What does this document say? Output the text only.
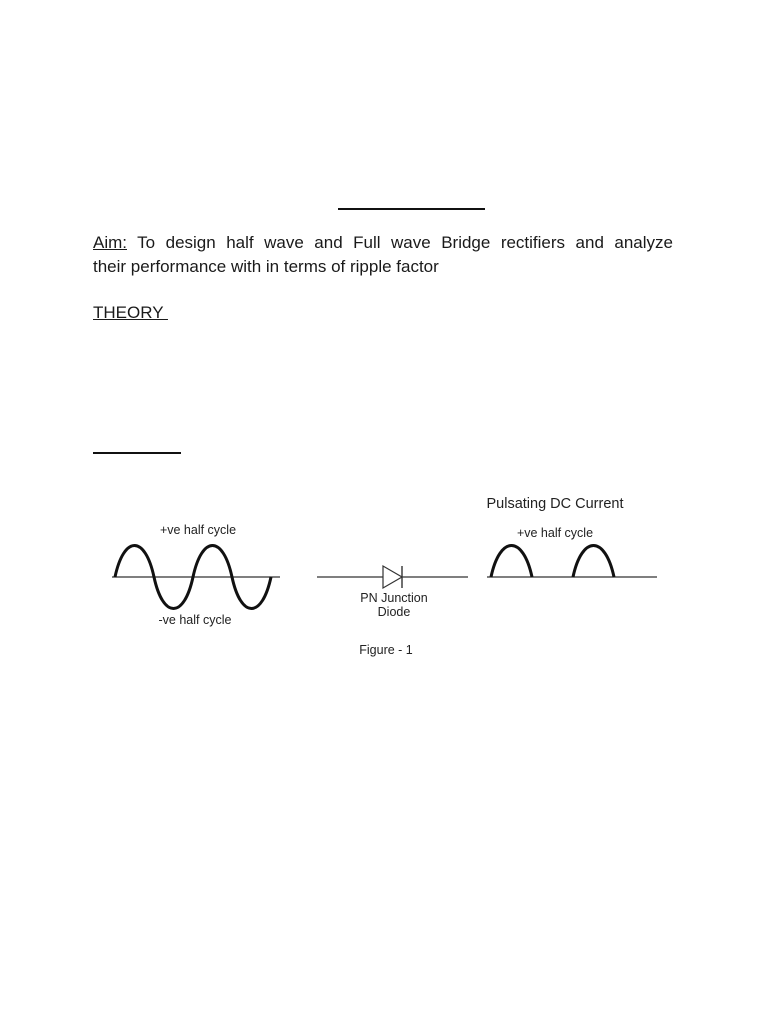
Aim: To design half wave and Full wave Bridge rectifiers and analyze
their performance with in terms of ripple factor
THEORY
+ve half cycle
-ve half cycle
PN Junction
Diode
Pulsating DC Current
+ve half cycle
Figure - 1
